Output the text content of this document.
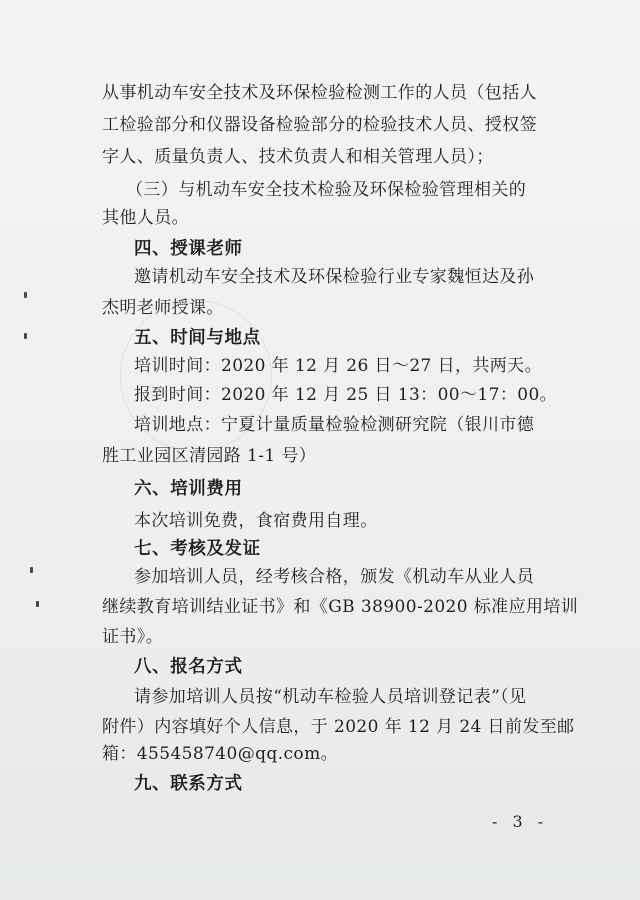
从事机动车安全技术及环保检验检测工作的人员（包括人
工检验部分和仪器设备检验部分的检验技术人员、授权签
字人、质量负责人、技术负责人和相关管理人员）；
（三）与机动车安全技术检验及环保检验管理相关的
其他人员。
四、授课老师
邀请机动车安全技术及环保检验行业专家魏恒达及孙
杰明老师授课。
五、时间与地点
培训时间：2020 年 12 月 26 日～27 日，共两天。
报到时间：2020 年 12 月 25 日 13：00～17：00。
培训地点：宁夏计量质量检验检测研究院（银川市德
胜工业园区清园路 1-1 号）
六、培训费用
本次培训免费，食宿费用自理。
七、考核及发证
参加培训人员，经考核合格，颁发《机动车从业人员
继续教育培训结业证书》和《GB 38900-2020 标准应用培训
证书》。
八、报名方式
请参加培训人员按“机动车检验人员培训登记表”（见
附件）内容填好个人信息，于 2020 年 12 月 24 日前发至邮
箱：455458740@qq.com。
九、联系方式
- 3 -
